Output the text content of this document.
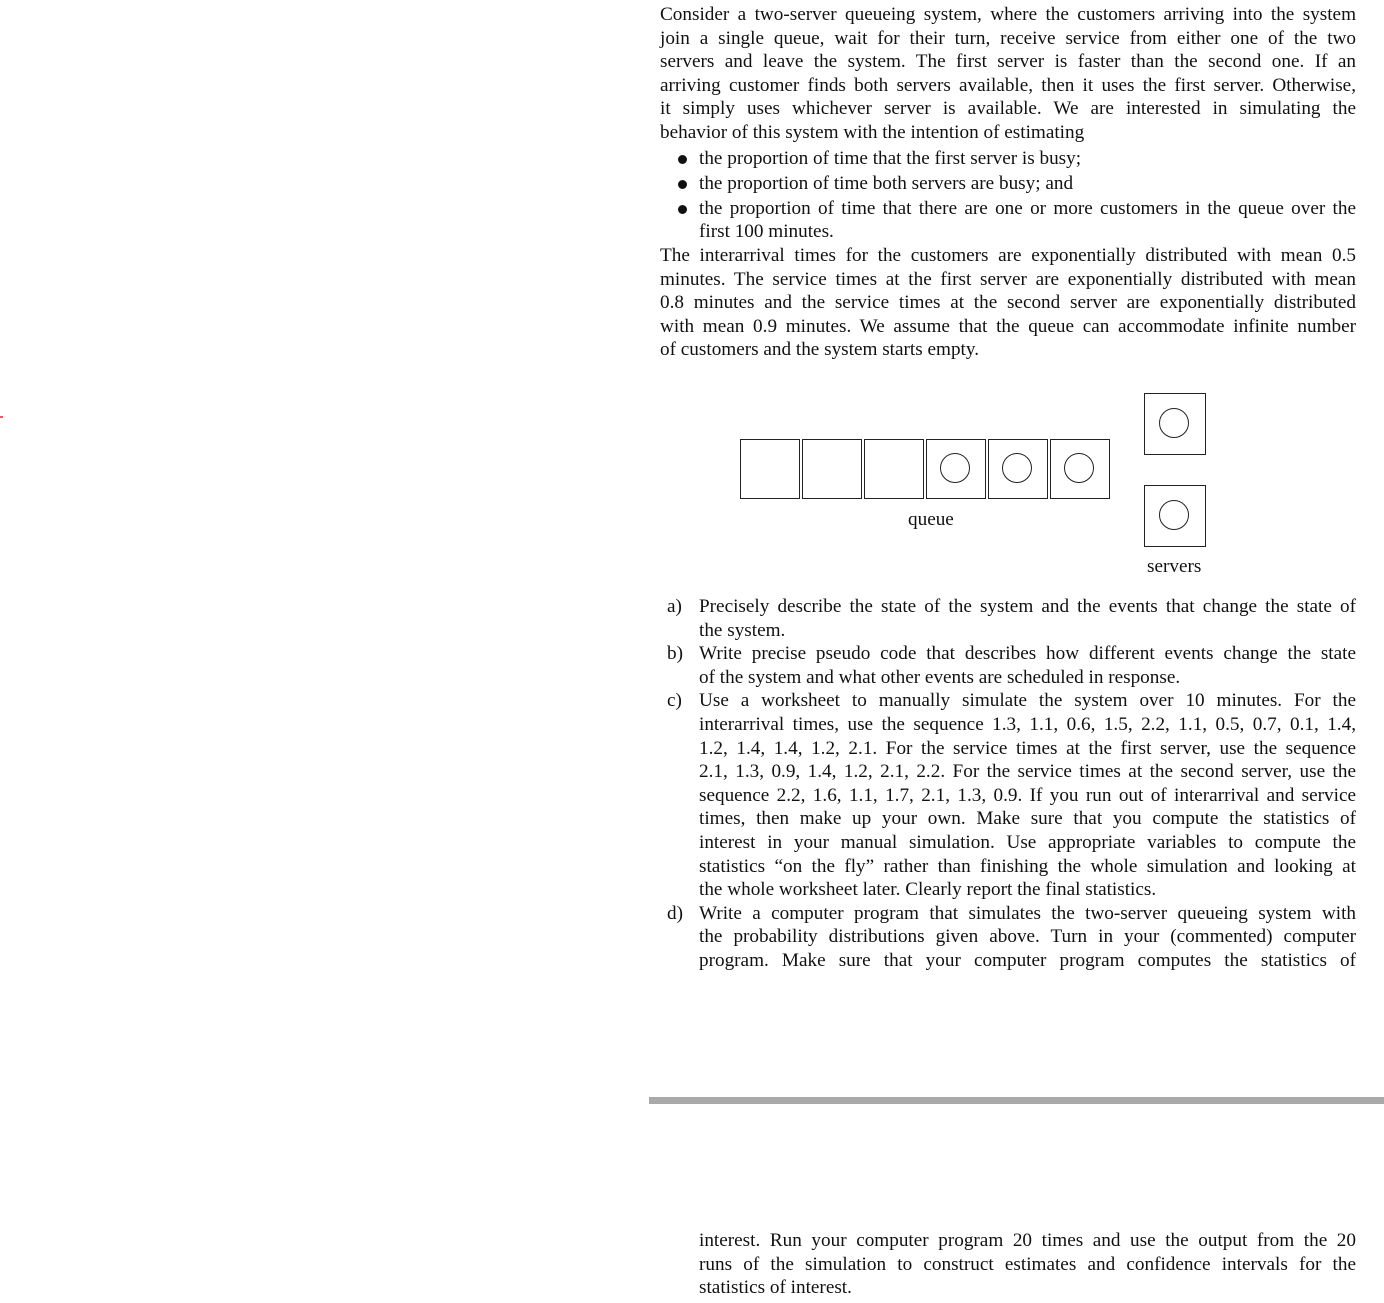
Consider a two-server queueing system, where the customers arriving into the system
join a single queue, wait for their turn, receive service from either one of the two
servers and leave the system. The first server is faster than the second one. If an
arriving customer finds both servers available, then it uses the first server. Otherwise,
it simply uses whichever server is available. We are interested in simulating the
behavior of this system with the intention of estimating
the proportion of time that the first server is busy;
the proportion of time both servers are busy; and
the proportion of time that there are one or more customers in the queue over the
first 100 minutes.
The interarrival times for the customers are exponentially distributed with mean 0.5
minutes. The service times at the first server are exponentially distributed with mean
0.8 minutes and the service times at the second server are exponentially distributed
with mean 0.9 minutes. We assume that the queue can accommodate infinite number
of customers and the system starts empty.
queue
servers
a) Precisely describe the state of the system and the events that change the state of
the system.
b) Write precise pseudo code that describes how different events change the state
of the system and what other events are scheduled in response.
c) Use a worksheet to manually simulate the system over 10 minutes. For the
interarrival times, use the sequence 1.3, 1.1, 0.6, 1.5, 2.2, 1.1, 0.5, 0.7, 0.1, 1.4,
1.2, 1.4, 1.4, 1.2, 2.1. For the service times at the first server, use the sequence
2.1, 1.3, 0.9, 1.4, 1.2, 2.1, 2.2. For the service times at the second server, use the
sequence 2.2, 1.6, 1.1, 1.7, 2.1, 1.3, 0.9. If you run out of interarrival and service
times, then make up your own. Make sure that you compute the statistics of
interest in your manual simulation. Use appropriate variables to compute the
statistics “on the fly” rather than finishing the whole simulation and looking at
the whole worksheet later. Clearly report the final statistics.
d) Write a computer program that simulates the two-server queueing system with
the probability distributions given above. Turn in your (commented) computer
program. Make sure that your computer program computes the statistics of
interest. Run your computer program 20 times and use the output from the 20
runs of the simulation to construct estimates and confidence intervals for the
statistics of interest.
